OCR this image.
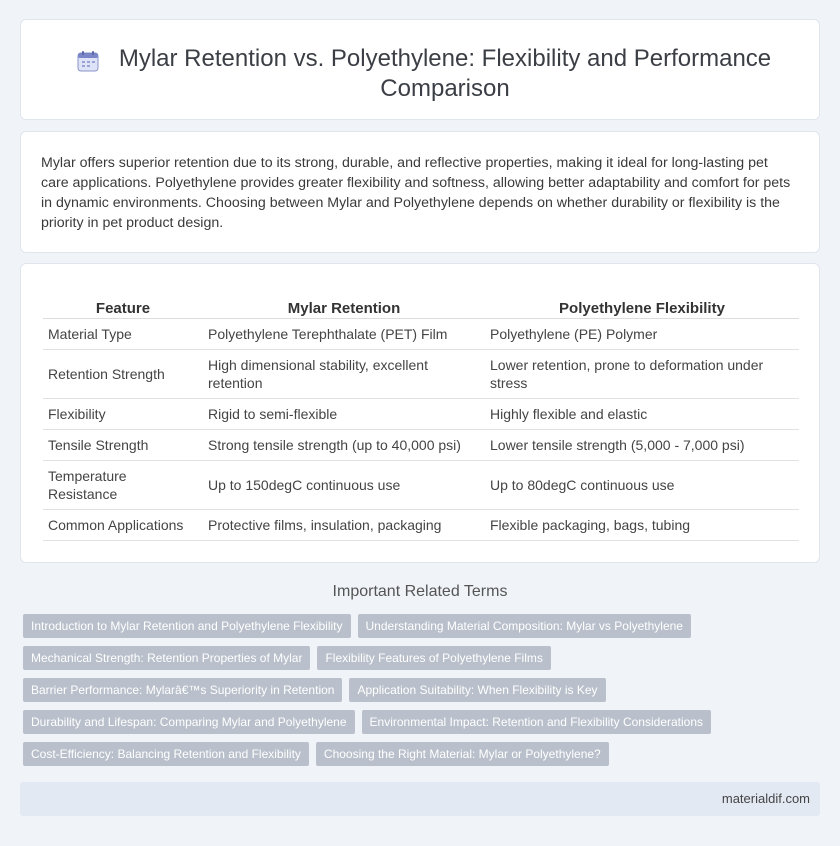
Mylar Retention vs. Polyethylene: Flexibility and Performance Comparison

Mylar offers superior retention due to its strong, durable, and reflective properties, making it ideal for long-lasting pet care applications. Polyethylene provides greater flexibility and softness, allowing better adaptability and comfort for pets in dynamic environments. Choosing between Mylar and Polyethylene depends on whether durability or flexibility is the priority in pet product design.

Feature	Mylar Retention	Polyethylene Flexibility
Material Type	Polyethylene Terephthalate (PET) Film	Polyethylene (PE) Polymer
Retention Strength	High dimensional stability, excellent retention	Lower retention, prone to deformation under stress
Flexibility	Rigid to semi-flexible	Highly flexible and elastic
Tensile Strength	Strong tensile strength (up to 40,000 psi)	Lower tensile strength (5,000 - 7,000 psi)
Temperature Resistance	Up to 150degC continuous use	Up to 80degC continuous use
Common Applications	Protective films, insulation, packaging	Flexible packaging, bags, tubing
Important Related Terms
Introduction to Mylar Retention and Polyethylene Flexibility	Understanding Material Composition: Mylar vs Polyethylene
Mechanical Strength: Retention Properties of Mylar	Flexibility Features of Polyethylene Films
Barrier Performance: Mylarâ€™s Superiority in Retention	Application Suitability: When Flexibility is Key
Durability and Lifespan: Comparing Mylar and Polyethylene	Environmental Impact: Retention and Flexibility Considerations
Cost-Efficiency: Balancing Retention and Flexibility	Choosing the Right Material: Mylar or Polyethylene?
materialdif.com
